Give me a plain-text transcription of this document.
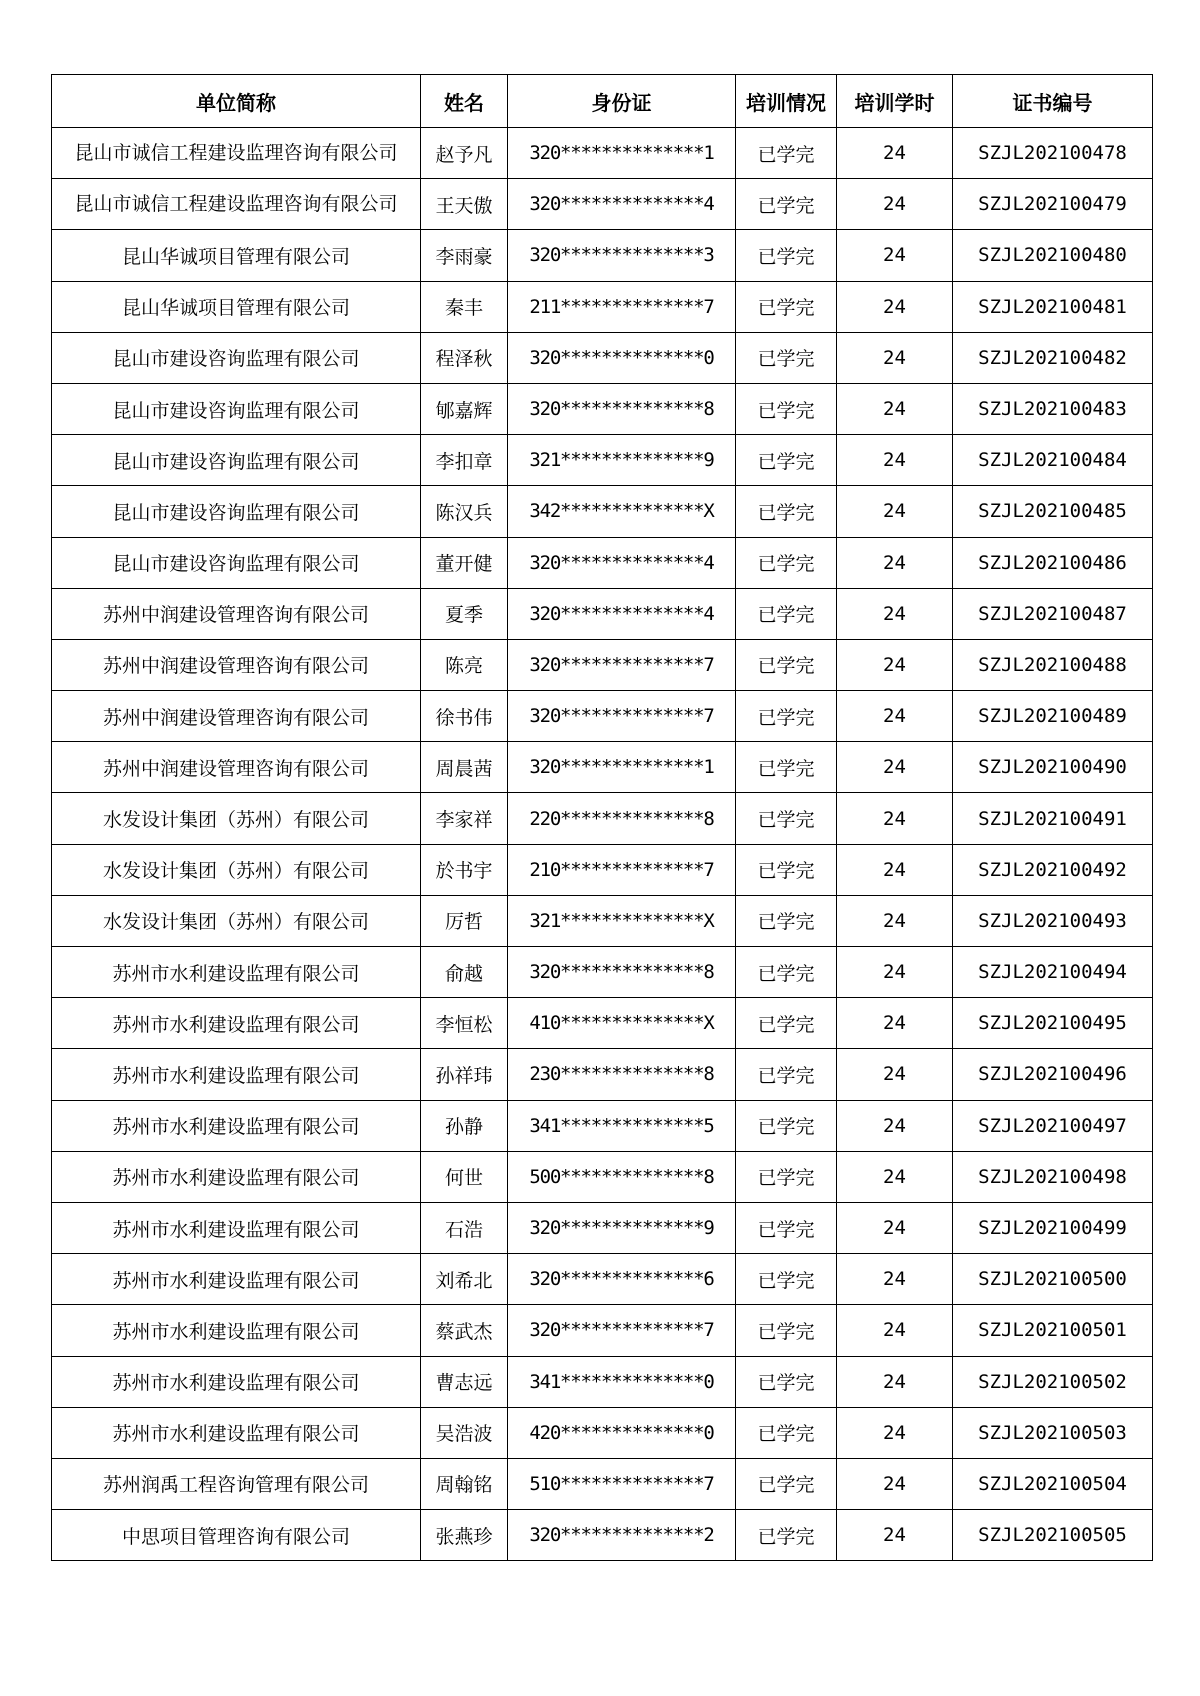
单位简称	姓名	身份证	培训情况	培训学时	证书编号
昆山市诚信工程建设监理咨询有限公司	赵予凡	320**************1	已学完	24	SZJL202100478
昆山市诚信工程建设监理咨询有限公司	王天傲	320**************4	已学完	24	SZJL202100479
昆山华诚项目管理有限公司	李雨豪	320**************3	已学完	24	SZJL202100480
昆山华诚项目管理有限公司	秦丰	211**************7	已学完	24	SZJL202100481
昆山市建设咨询监理有限公司	程泽秋	320**************0	已学完	24	SZJL202100482
昆山市建设咨询监理有限公司	郇嘉辉	320**************8	已学完	24	SZJL202100483
昆山市建设咨询监理有限公司	李扣章	321**************9	已学完	24	SZJL202100484
昆山市建设咨询监理有限公司	陈汉兵	342**************X	已学完	24	SZJL202100485
昆山市建设咨询监理有限公司	董开健	320**************4	已学完	24	SZJL202100486
苏州中润建设管理咨询有限公司	夏季	320**************4	已学完	24	SZJL202100487
苏州中润建设管理咨询有限公司	陈亮	320**************7	已学完	24	SZJL202100488
苏州中润建设管理咨询有限公司	徐书伟	320**************7	已学完	24	SZJL202100489
苏州中润建设管理咨询有限公司	周晨茜	320**************1	已学完	24	SZJL202100490
水发设计集团（苏州）有限公司	李家祥	220**************8	已学完	24	SZJL202100491
水发设计集团（苏州）有限公司	於书宇	210**************7	已学完	24	SZJL202100492
水发设计集团（苏州）有限公司	厉哲	321**************X	已学完	24	SZJL202100493
苏州市水利建设监理有限公司	俞越	320**************8	已学完	24	SZJL202100494
苏州市水利建设监理有限公司	李恒松	410**************X	已学完	24	SZJL202100495
苏州市水利建设监理有限公司	孙祥玮	230**************8	已学完	24	SZJL202100496
苏州市水利建设监理有限公司	孙静	341**************5	已学完	24	SZJL202100497
苏州市水利建设监理有限公司	何世	500**************8	已学完	24	SZJL202100498
苏州市水利建设监理有限公司	石浩	320**************9	已学完	24	SZJL202100499
苏州市水利建设监理有限公司	刘希北	320**************6	已学完	24	SZJL202100500
苏州市水利建设监理有限公司	蔡武杰	320**************7	已学完	24	SZJL202100501
苏州市水利建设监理有限公司	曹志远	341**************0	已学完	24	SZJL202100502
苏州市水利建设监理有限公司	吴浩波	420**************0	已学完	24	SZJL202100503
苏州润禹工程咨询管理有限公司	周翰铭	510**************7	已学完	24	SZJL202100504
中思项目管理咨询有限公司	张燕珍	320**************2	已学完	24	SZJL202100505
